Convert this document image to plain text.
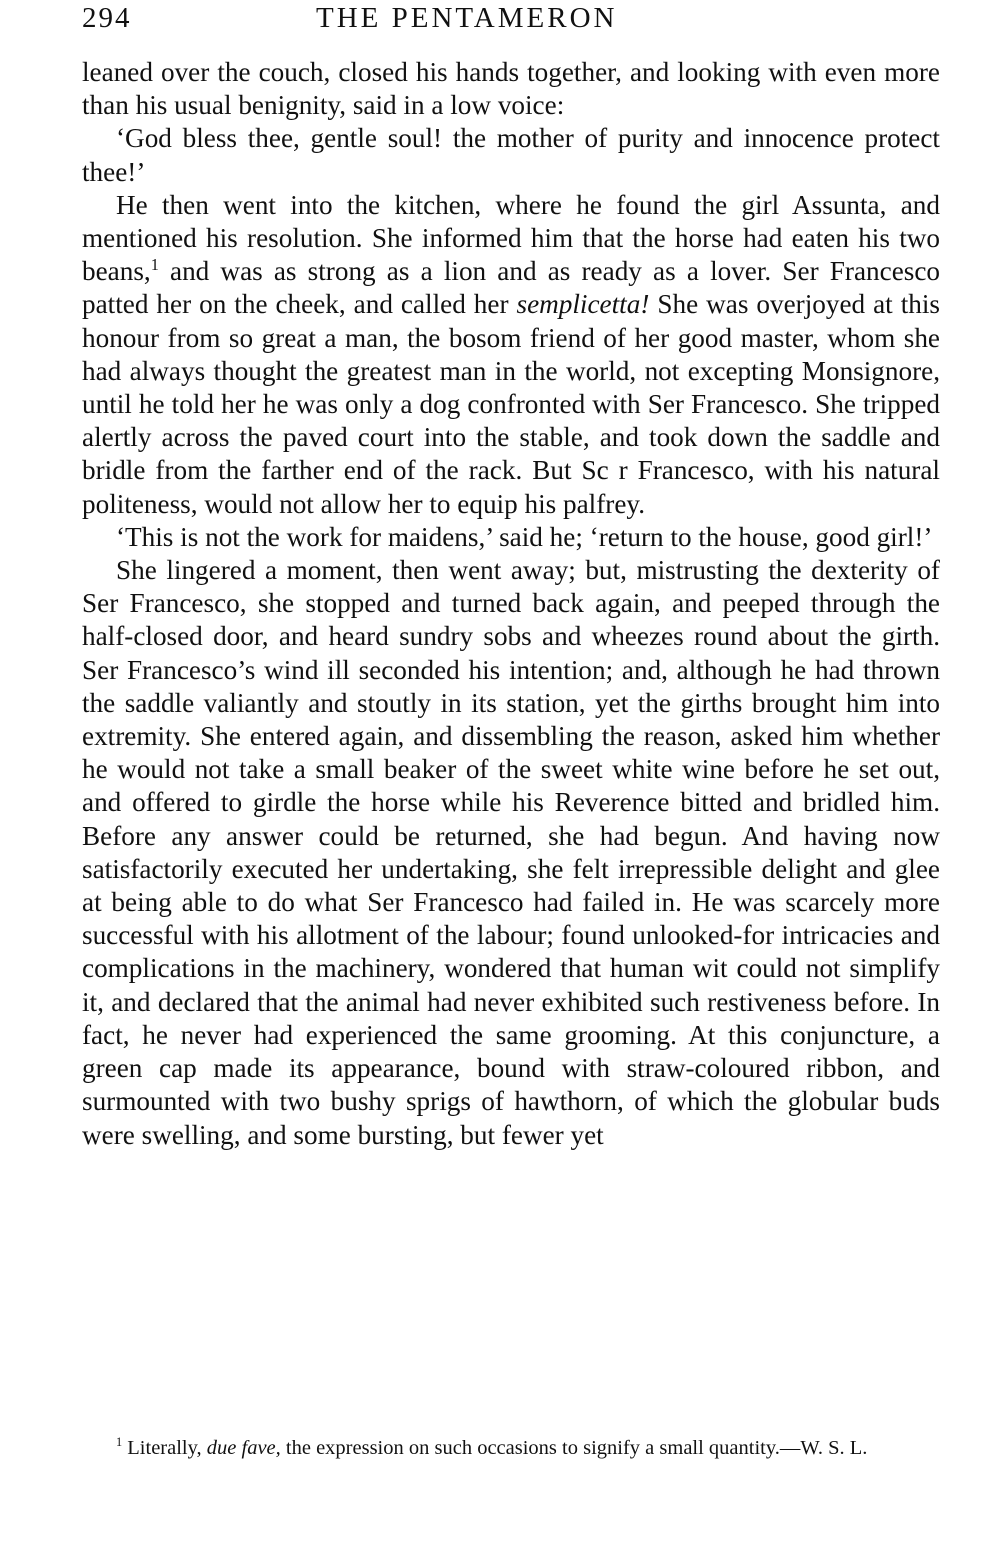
294	THE PENTAMERON

leaned over the couch, closed his hands together, and looking with even more than his usual benignity, said in a low voice:

‘God bless thee, gentle soul! the mother of purity and innocence protect thee!’

He then went into the kitchen, where he found the girl Assunta, and mentioned his resolution. She informed him that the horse had eaten his two beans,$^1$ and was as strong as a lion and as ready as a lover. Ser Francesco patted her on the cheek, and called her semplicetta! She was overjoyed at this honour from so great a man, the bosom friend of her good master, whom she had always thought the greatest man in the world, not excepting Monsignore, until he told her he was only a dog confronted with Ser Francesco. She tripped alertly across the paved court into the stable, and took down the saddle and bridle from the farther end of the rack. But Sc r Francesco, with his natural politeness, would not allow her to equip his palfrey.

‘This is not the work for maidens,’ said he; ‘return to the house, good girl!’

She lingered a moment, then went away; but, mistrusting the dexterity of Ser Francesco, she stopped and turned back again, and peeped through the half-closed door, and heard sundry sobs and wheezes round about the girth. Ser Francesco’s wind ill seconded his intention; and, although he had thrown the saddle valiantly and stoutly in its station, yet the girths brought him into extremity. She entered again, and dissembling the reason, asked him whether he would not take a small beaker of the sweet white wine before he set out, and offered to girdle the horse while his Reverence bitted and bridled him. Before any answer could be returned, she had begun. And having now satisfactorily executed her undertaking, she felt irrepressible delight and glee at being able to do what Ser Francesco had failed in. He was scarcely more successful with his allotment of the labour; found unlooked-for intricacies and complications in the machinery, wondered that human wit could not simplify it, and declared that the animal had never exhibited such restiveness before. In fact, he never had experienced the same grooming. At this conjuncture, a green cap made its appearance, bound with straw-coloured ribbon, and surmounted with two bushy sprigs of hawthorn, of which the globular buds were swelling, and some bursting, but fewer yet

$^1$ Literally, due fave, the expression on such occasions to signify a small quantity.—W. S. L.
